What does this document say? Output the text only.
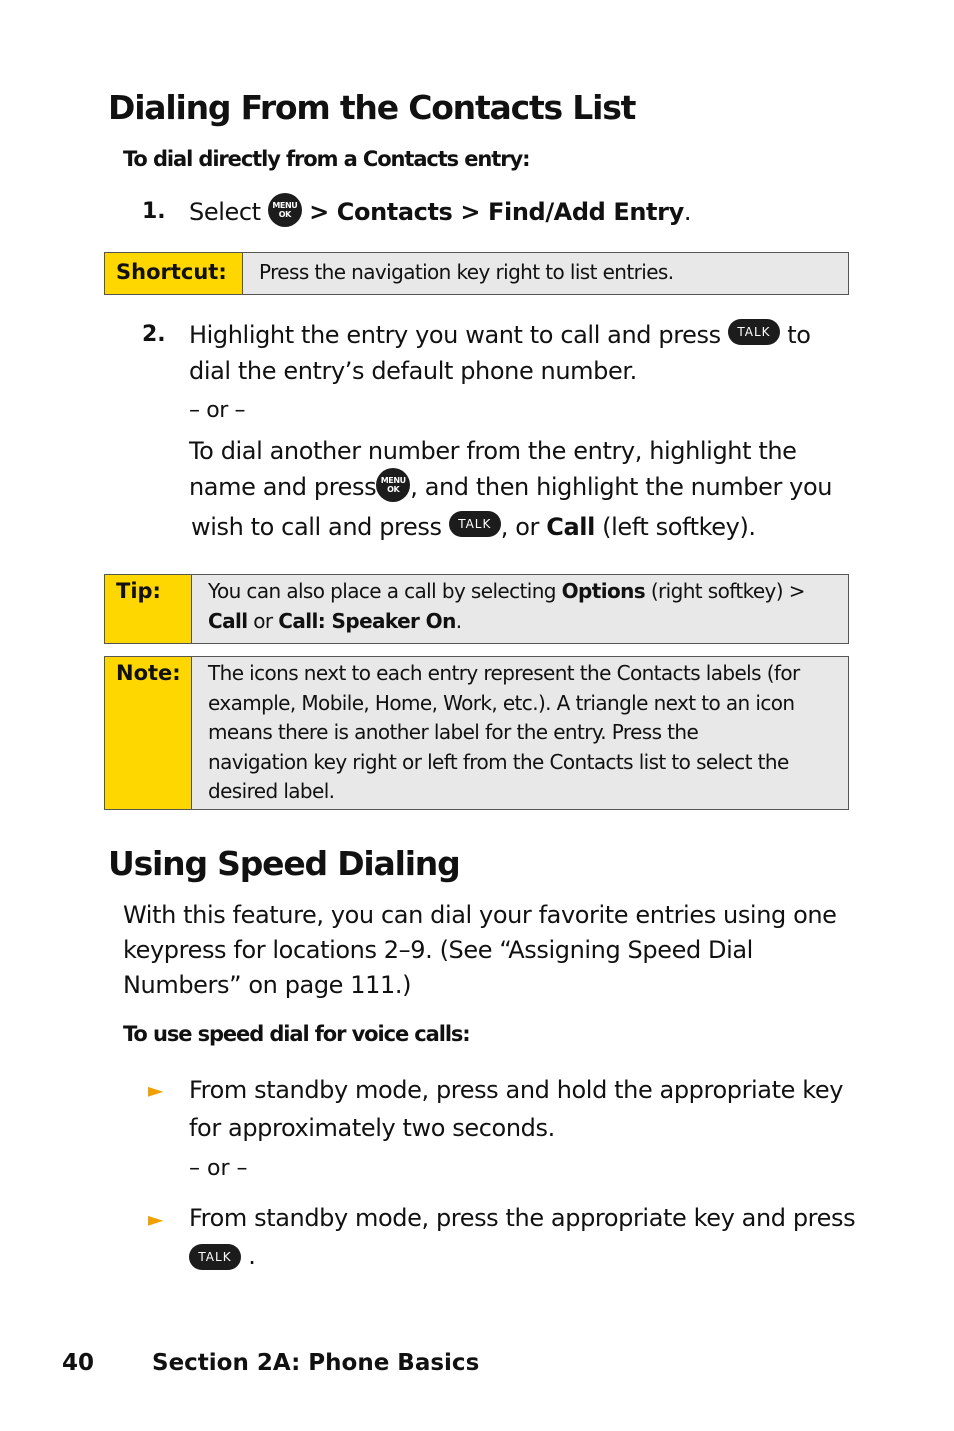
Dialing From the Contacts List

To dial directly from a Contacts entry:

1. Select MENU
OK > Contacts > Find/Add Entry.
Shortcut:	Press the navigation key right to list entries.
2. Highlight the entry you want to call and press TALK to
dial the entry’s default phone number.
– or –
To dial another number from the entry, highlight the
name and press MENU
OK , and then highlight the number you
wish to call and press TALK , or Call (left softkey).
Tip:	You can also place a call by selecting Options (right softkey) >
Call or Call: Speaker On.
Note:	The icons next to each entry represent the Contacts labels (for
example, Mobile, Home, Work, etc.). A triangle next to an icon
means there is another label for the entry. Press the
navigation key right or left from the Contacts list to select the
desired label.
Using Speed Dialing
With this feature, you can dial your favorite entries using one
keypress for locations 2–9. (See “Assigning Speed Dial
Numbers” on page 111.)

To use speed dial for voice calls:

► From standby mode, press and hold the appropriate key
for approximately two seconds.
– or –
► From standby mode, press the appropriate key and press
TALK .
40	Section 2A: Phone Basics
